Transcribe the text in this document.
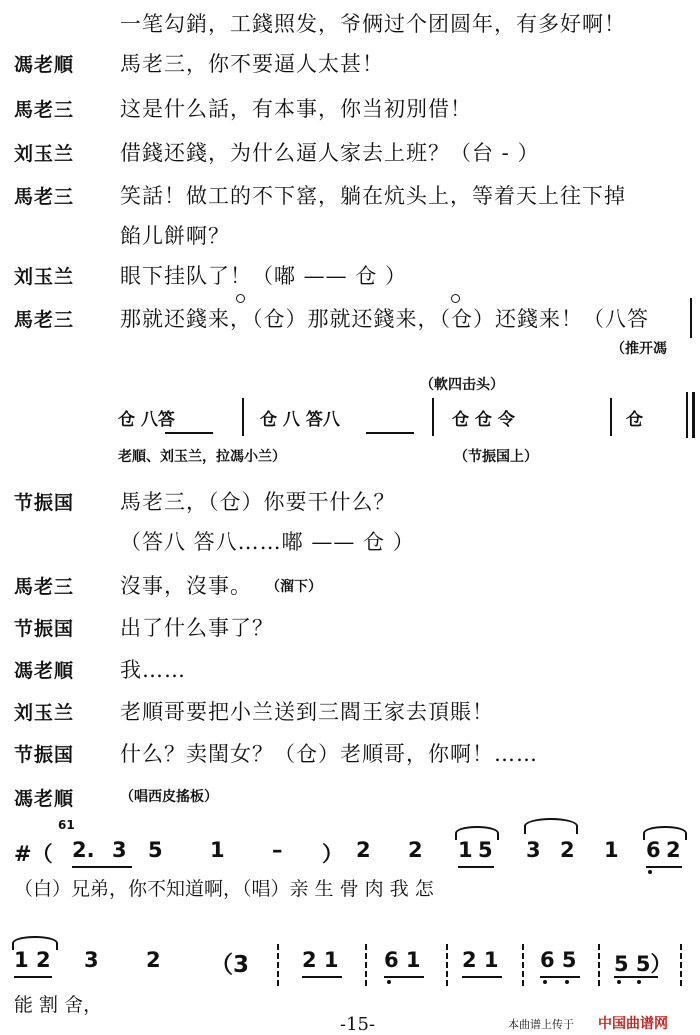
一笔勾銷，工錢照发，爷俩过个团圆年，有多好啊！
馮老順 馬老三，你不要逼人太甚！
馬老三 这是什么話，有本事，你当初別借！
刘玉兰 借錢还錢，为什么逼人家去上班？（台 - ）
馬老三 笑話！做工的不下窰，躺在炕头上，等着天上往下掉
餡儿餅啊？
刘玉兰 眼下挂队了！（嘟 —— 仓 ）
馬老三 那就还錢来，（仓）那就还錢来，（仓）还錢来！（八答
（推开馮
（軟四击头）
仓 八答	仓 八 答八	仓 仓 令	仓
老順、刘玉兰，拉馮小兰）	（节振国上）
节振国 馬老三，（仓）你要干什么？
（答八 答八……嘟 —— 仓 ）
馬老三 沒事，沒事。 （溜下）
节振国 出了什么事了？
馮老順 我……
刘玉兰 老順哥要把小兰送到三閻王家去頂賬！
节振国 什么？卖閨女？（仓）老順哥，你啊！……
馮老順	（唱西皮搖板）
#（
61
2. 3 5 1 – ） 2 2 1 5 3 2 1 6 2
（白）兄弟，你不知道啊，（唱）亲 生 骨 肉 我 怎
1 2 3 2 （3	2 1 6 1 2 1 6 5 5 5）
能 割 舍，
-15-	本曲谱上传于 中国曲谱网
